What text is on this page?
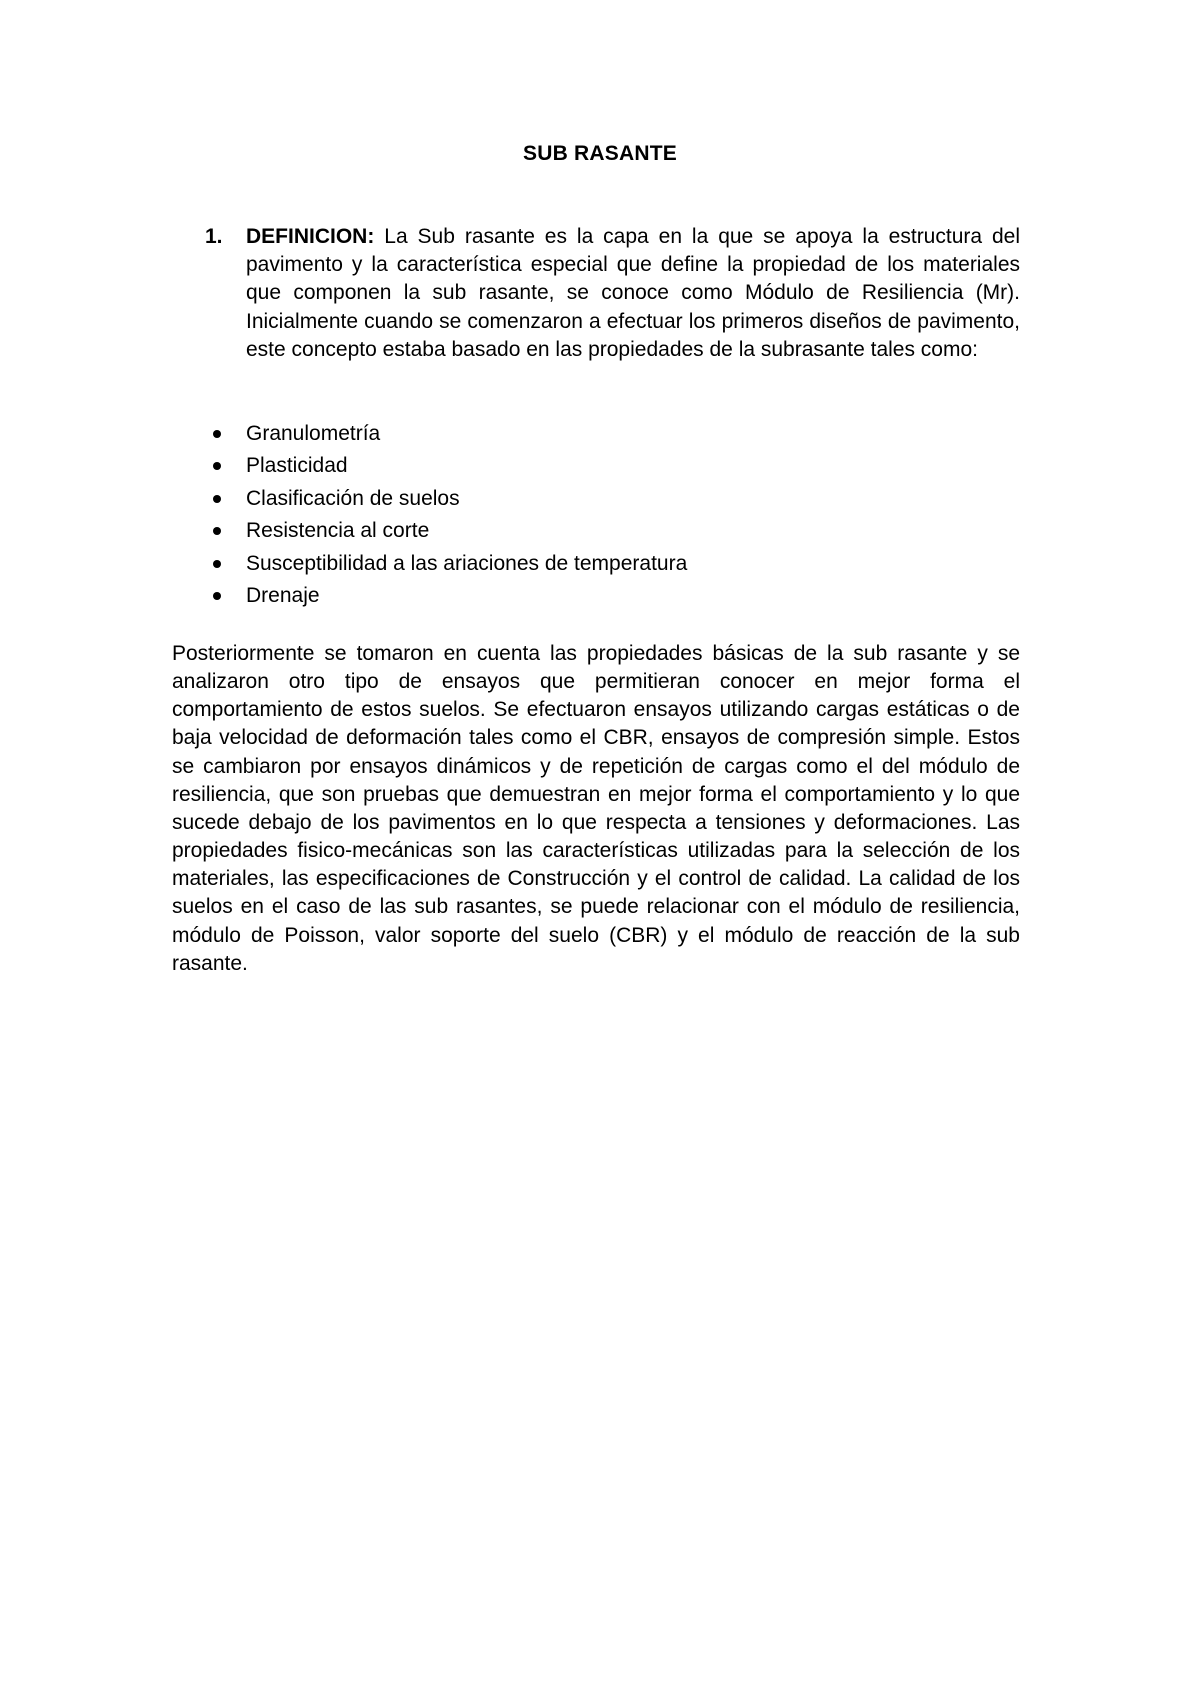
SUB RASANTE
1. DEFINICION: La Sub rasante es la capa en la que se apoya la estructura del pavimento y la característica especial que define la propiedad de los materiales que componen la sub rasante, se conoce como Módulo de Resiliencia (Mr). Inicialmente cuando se comenzaron a efectuar los primeros diseños de pavimento, este concepto estaba basado en las propiedades de la subrasante tales como:
Granulometría
Plasticidad
Clasificación de suelos
Resistencia al corte
Susceptibilidad a las ariaciones de temperatura
Drenaje

Posteriormente se tomaron en cuenta las propiedades básicas de la sub rasante y se analizaron otro tipo de ensayos que permitieran conocer en mejor forma el comportamiento de estos suelos. Se efectuaron ensayos utilizando cargas estáticas o de baja velocidad de deformación tales como el CBR, ensayos de compresión simple. Estos se cambiaron por ensayos dinámicos y de repetición de cargas como el del módulo de resiliencia, que son pruebas que demuestran en mejor forma el comportamiento y lo que sucede debajo de los pavimentos en lo que respecta a tensiones y deformaciones. Las propiedades fisico-mecánicas son las características utilizadas para la selección de los materiales, las especificaciones de Construcción y el control de calidad. La calidad de los suelos en el caso de las sub rasantes, se puede relacionar con el módulo de resiliencia, módulo de Poisson, valor soporte del suelo (CBR) y el módulo de reacción de la sub rasante.
